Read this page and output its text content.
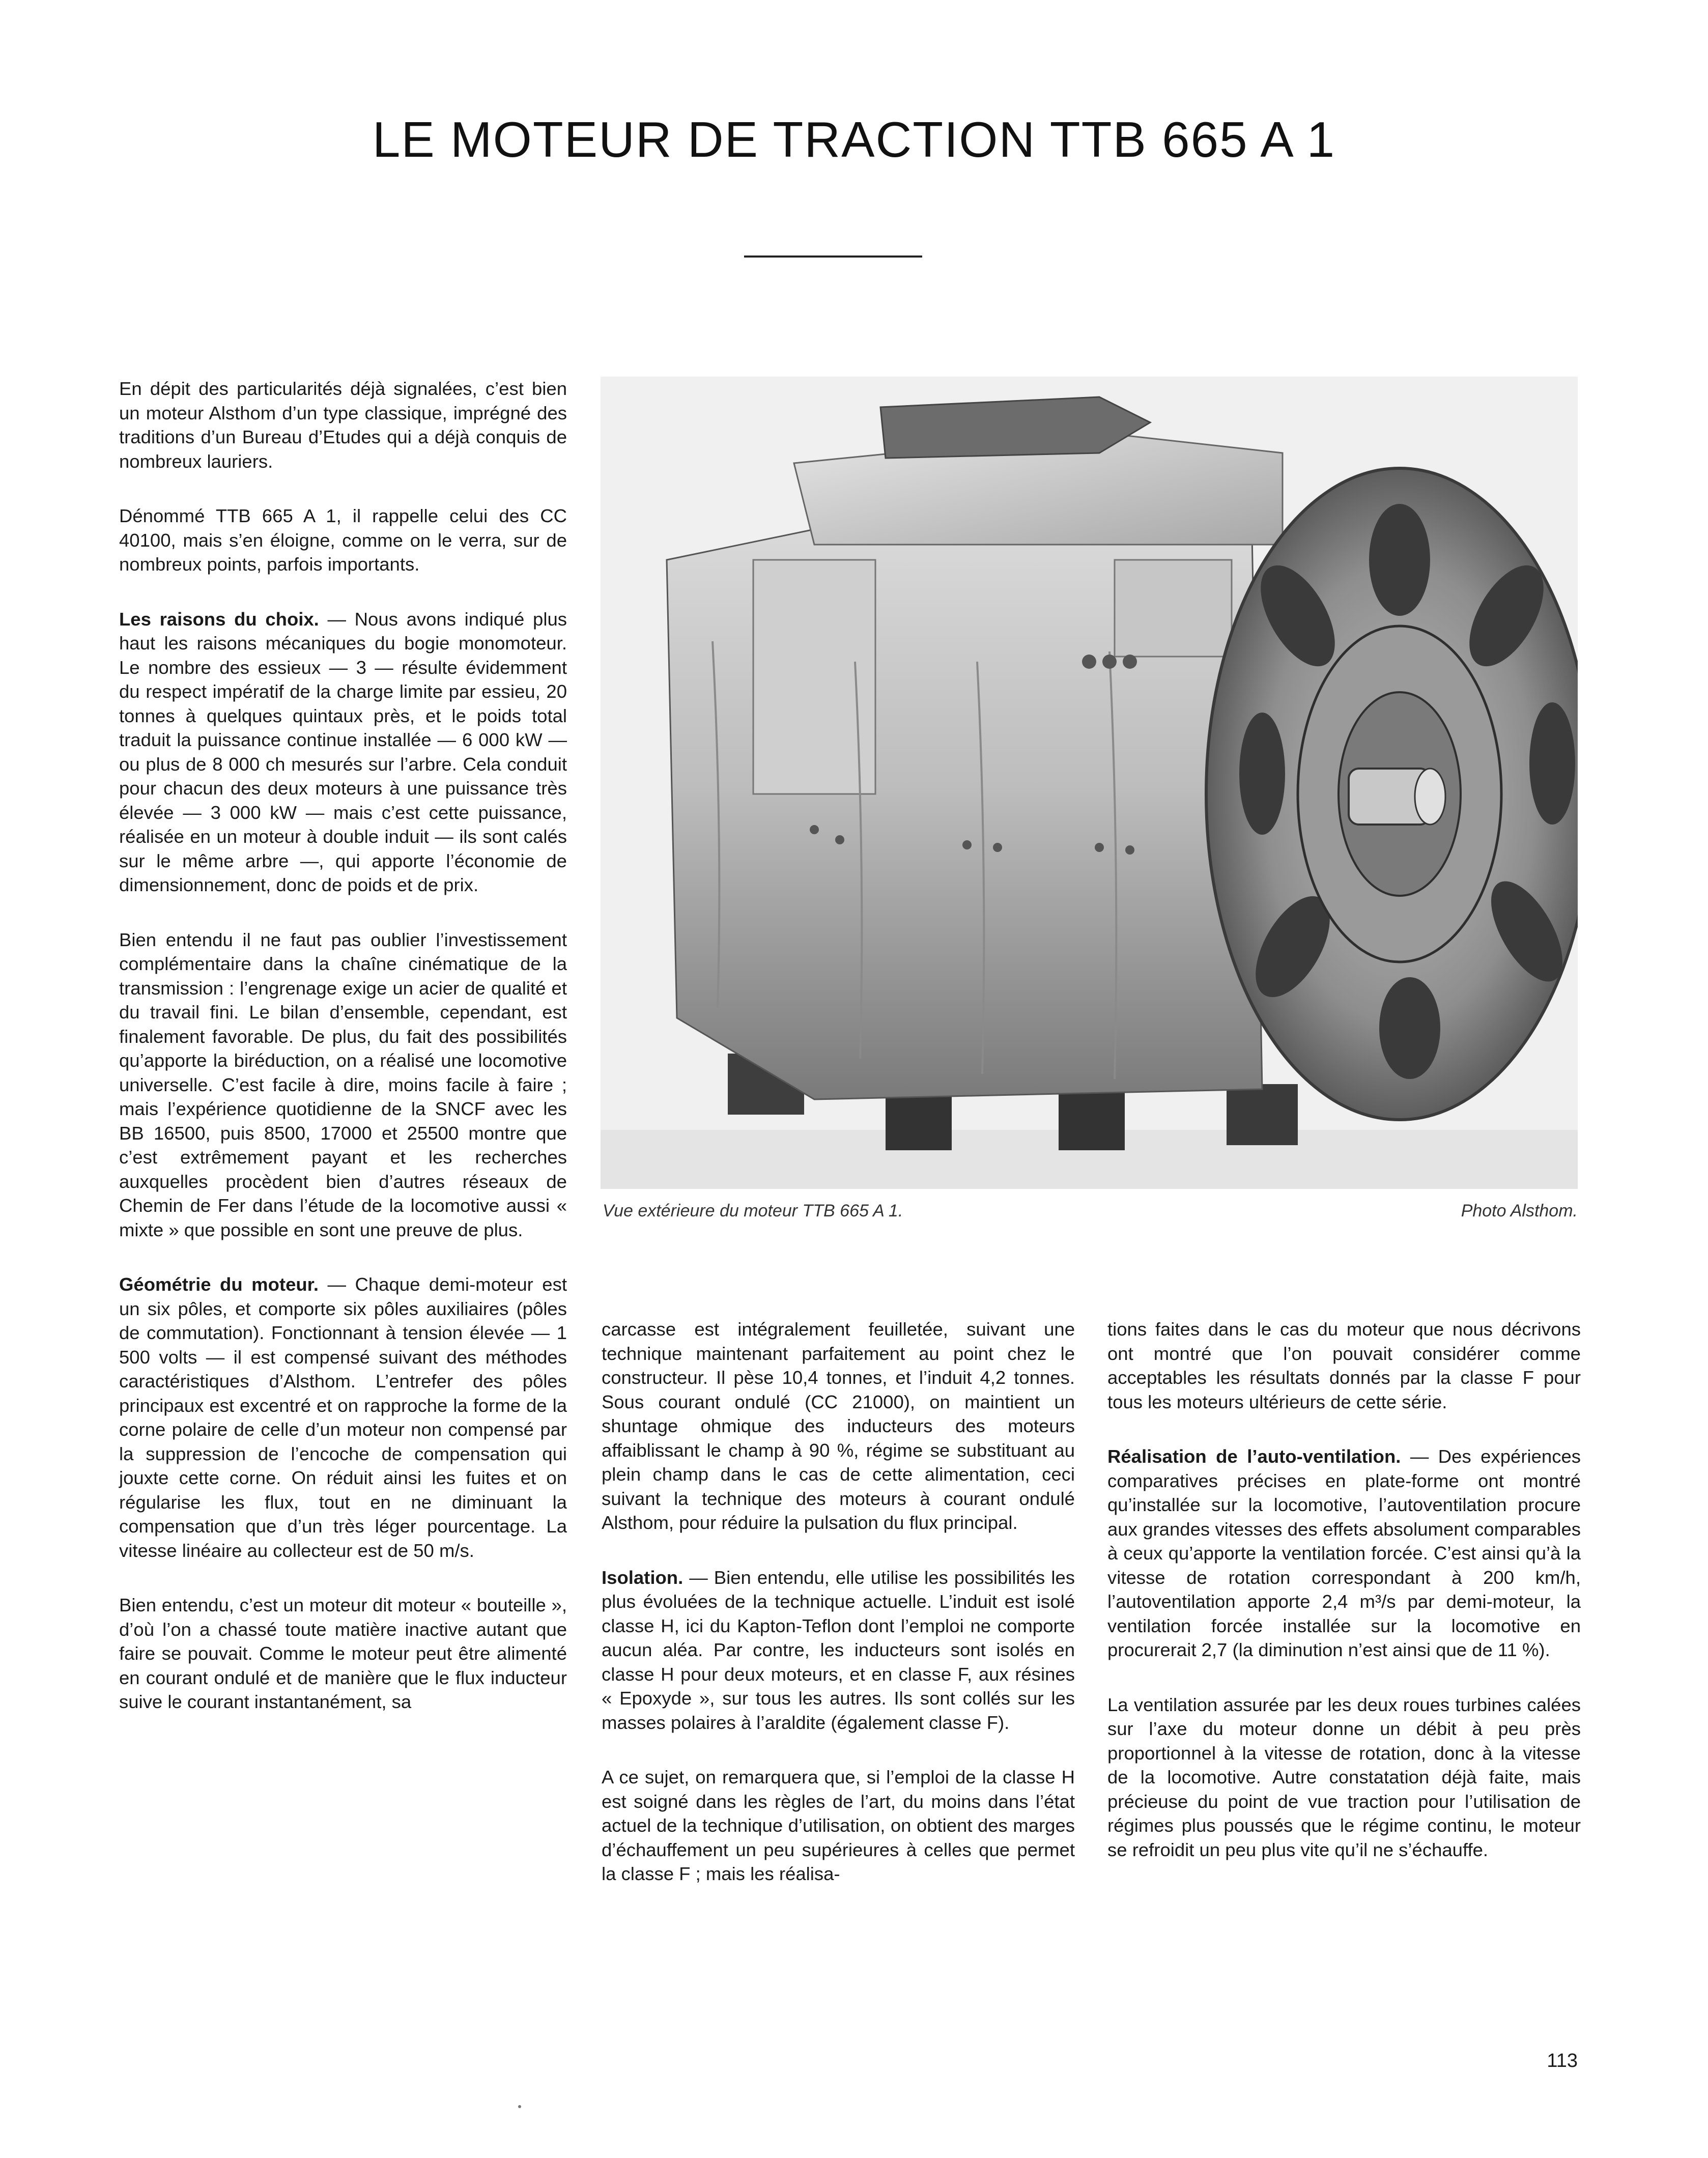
LE MOTEUR DE TRACTION TTB 665 A 1

En dépit des particularités déjà signalées, c’est bien un moteur Alsthom d’un type classique, imprégné des traditions d’un Bureau d’Etudes qui a déjà conquis de nombreux lauriers.

Dénommé TTB 665 A 1, il rappelle celui des CC 40100, mais s’en éloigne, comme on le verra, sur de nombreux points, parfois importants.

Les raisons du choix. — Nous avons indiqué plus haut les raisons mécaniques du bogie monomoteur. Le nombre des essieux — 3 — résulte évidemment du respect impératif de la charge limite par essieu, 20 tonnes à quelques quintaux près, et le poids total traduit la puissance continue installée — 6 000 kW — ou plus de 8 000 ch mesurés sur l’arbre. Cela conduit pour chacun des deux moteurs à une puissance très élevée — 3 000 kW — mais c’est cette puissance, réalisée en un moteur à double induit — ils sont calés sur le même arbre —, qui apporte l’économie de dimensionnement, donc de poids et de prix.

Bien entendu il ne faut pas oublier l’investissement complémentaire dans la chaîne cinématique de la transmission : l’engrenage exige un acier de qualité et du travail fini. Le bilan d’ensemble, cependant, est finalement favorable. De plus, du fait des possibilités qu’apporte la biréduction, on a réalisé une locomotive universelle. C’est facile à dire, moins facile à faire ; mais l’expérience quotidienne de la SNCF avec les BB 16500, puis 8500, 17000 et 25500 montre que c’est extrêmement payant et les recherches auxquelles procèdent bien d’autres réseaux de Chemin de Fer dans l’étude de la locomotive aussi « mixte » que possible en sont une preuve de plus.

Géométrie du moteur. — Chaque demi-moteur est un six pôles, et comporte six pôles auxiliaires (pôles de commutation). Fonctionnant à tension élevée — 1 500 volts — il est compensé suivant des méthodes caractéristiques d’Alsthom. L’entrefer des pôles principaux est excentré et on rapproche la forme de la corne polaire de celle d’un moteur non compensé par la suppression de l’encoche de compensation qui jouxte cette corne. On réduit ainsi les fuites et on régularise les flux, tout en ne diminuant la compensation que d’un très léger pourcentage. La vitesse linéaire au collecteur est de 50 m/s.

Bien entendu, c’est un moteur dit moteur « bouteille », d’où l’on a chassé toute matière inactive autant que faire se pouvait. Comme le moteur peut être alimenté en courant ondulé et de manière que le flux inducteur suive le courant instantanément, sa

Vue extérieure du moteur TTB 665 A 1.	Photo Alsthom.

carcasse est intégralement feuilletée, suivant une technique maintenant parfaitement au point chez le constructeur. Il pèse 10,4 tonnes, et l’induit 4,2 tonnes. Sous courant ondulé (CC 21000), on maintient un shuntage ohmique des inducteurs des moteurs affaiblissant le champ à 90 %, régime se substituant au plein champ dans le cas de cette alimentation, ceci suivant la technique des moteurs à courant ondulé Alsthom, pour réduire la pulsation du flux principal.

Isolation. — Bien entendu, elle utilise les possibilités les plus évoluées de la technique actuelle. L’induit est isolé classe H, ici du Kapton-Teflon dont l’emploi ne comporte aucun aléa. Par contre, les inducteurs sont isolés en classe H pour deux moteurs, et en classe F, aux résines « Epoxyde », sur tous les autres. Ils sont collés sur les masses polaires à l’araldite (également classe F).

A ce sujet, on remarquera que, si l’emploi de la classe H est soigné dans les règles de l’art, du moins dans l’état actuel de la technique d’utilisation, on obtient des marges d’échauffement un peu supérieures à celles que permet la classe F ; mais les réalisa-

tions faites dans le cas du moteur que nous décrivons ont montré que l’on pouvait considérer comme acceptables les résultats donnés par la classe F pour tous les moteurs ultérieurs de cette série.

Réalisation de l’auto-ventilation. — Des expériences comparatives précises en plate-forme ont montré qu’installée sur la locomotive, l’autoventilation procure aux grandes vitesses des effets absolument comparables à ceux qu’apporte la ventilation forcée. C’est ainsi qu’à la vitesse de rotation correspondant à 200 km/h, l’autoventilation apporte 2,4 m³/s par demi-moteur, la ventilation forcée installée sur la locomotive en procurerait 2,7 (la diminution n’est ainsi que de 11 %).

La ventilation assurée par les deux roues turbines calées sur l’axe du moteur donne un débit à peu près proportionnel à la vitesse de rotation, donc à la vitesse de la locomotive. Autre constatation déjà faite, mais précieuse du point de vue traction pour l’utilisation de régimes plus poussés que le régime continu, le moteur se refroidit un peu plus vite qu’il ne s’échauffe.

113
